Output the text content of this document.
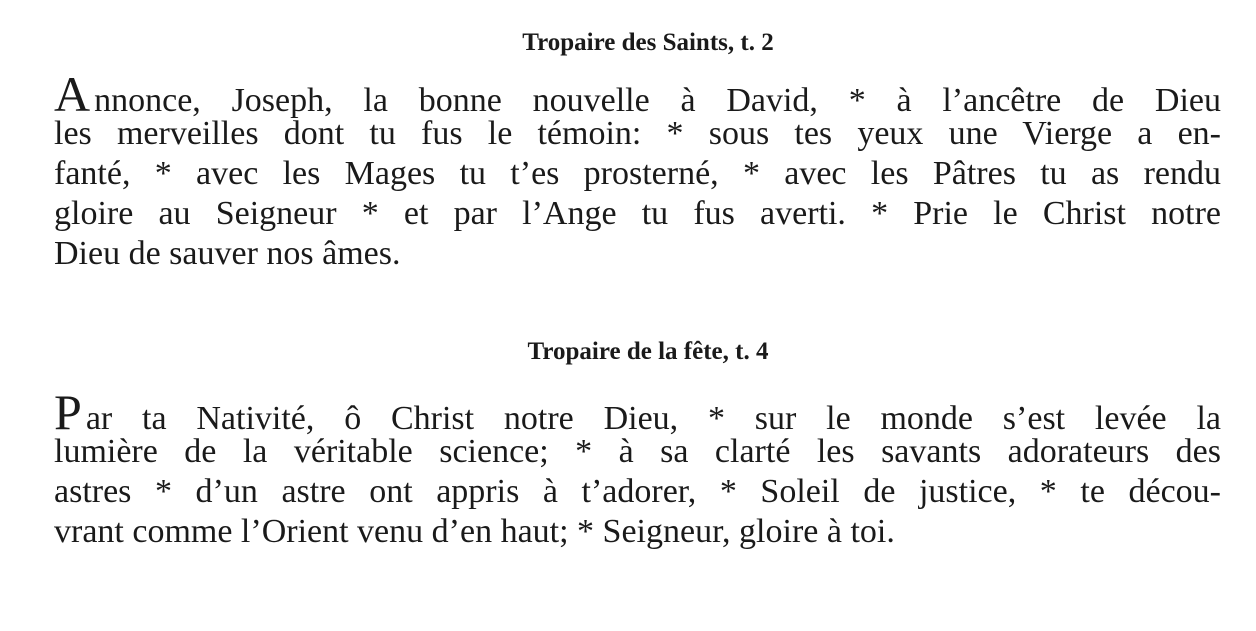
Tropaire des Saints, t. 2
A nnonce, Joseph, la bonne nouvelle à David, * à l’ancêtre de Dieu
les merveilles dont tu fus le témoin: * sous tes yeux une Vierge a en-
fanté, * avec les Mages tu t’es prosterné, * avec les Pâtres tu as rendu
gloire au Seigneur * et par l’Ange tu fus averti. * Prie le Christ notre
Dieu de sauver nos âmes.
Tropaire de la fête, t. 4
P ar ta Nativité, ô Christ notre Dieu, * sur le monde s’est levée la
lumière de la véritable science; * à sa clarté les savants adorateurs des
astres * d’un astre ont appris à t’adorer, * Soleil de justice, * te décou-
vrant comme l’Orient venu d’en haut; * Seigneur, gloire à toi.
